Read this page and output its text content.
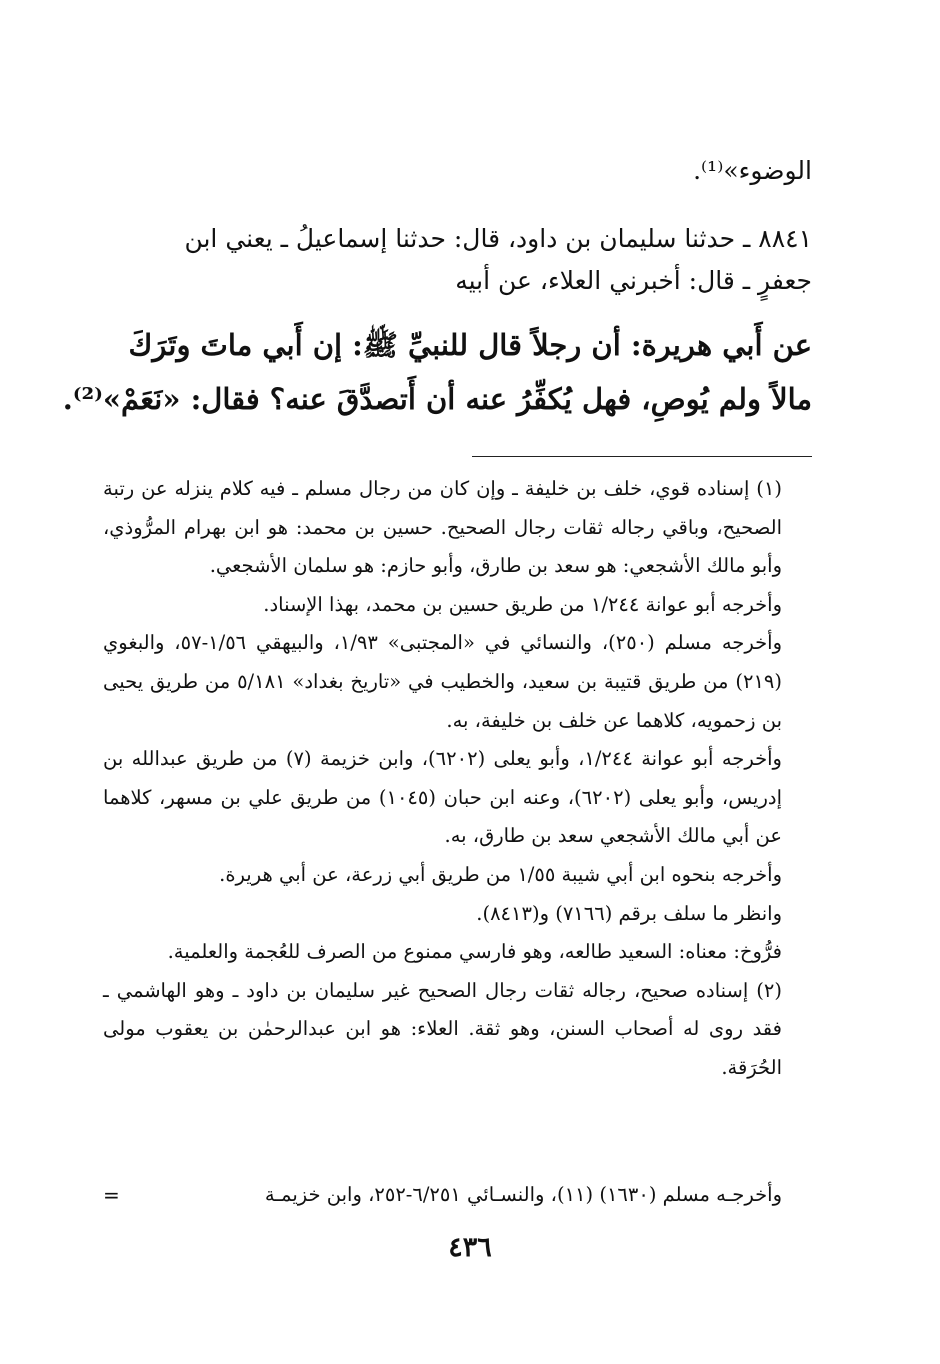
الوضوء»⁽¹⁾.
٨٨٤١ ـ حدثنا سليمان بن داود، قال: حدثنا إسماعيلُ ـ يعني ابن
جعفرٍ ـ قال: أخبرني العلاء، عن أبيه
عن أَبي هريرة: أن رجلاً قال للنبيِّ ﷺ: إن أَبي ماتَ وتَرَكَ
مالاً ولم يُوصِ، فهل يُكفِّرُ عنه أن أَتصدَّقَ عنه؟ فقال: «نَعَمْ»⁽²⁾.
(١) إسناده قوي، خلف بن خليفة ـ وإن كان من رجال مسلم ـ فيه كلام ينزله عن رتبة الصحيح، وباقي رجاله ثقات رجال الصحيح. حسين بن محمد: هو ابن بهرام المرُّوذي، وأبو مالك الأشجعي: هو سعد بن طارق، وأبو حازم: هو سلمان الأشجعي.
وأخرجه أبو عوانة ١/٢٤٤ من طريق حسين بن محمد، بهذا الإسناد.
وأخرجه مسلم (٢٥٠)، والنسائي في «المجتبى» ١/٩٣، والبيهقي ١/٥٦-٥٧، والبغوي (٢١٩) من طريق قتيبة بن سعيد، والخطيب في «تاريخ بغداد» ٥/١٨١ من طريق يحيى بن زحمويه، كلاهما عن خلف بن خليفة، به.
وأخرجه أبو عوانة ١/٢٤٤، وأبو يعلى (٦٢٠٢)، وابن خزيمة (٧) من طريق عبدالله بن إدريس، وأبو يعلى (٦٢٠٢)، وعنه ابن حبان (١٠٤٥) من طريق علي بن مسهر، كلاهما عن أبي مالك الأشجعي سعد بن طارق، به.
وأخرجه بنحوه ابن أبي شيبة ١/٥٥ من طريق أبي زرعة، عن أبي هريرة.
وانظر ما سلف برقم (٧١٦٦) و(٨٤١٣).
فرُّوخ: معناه: السعيد طالعه، وهو فارسي ممنوع من الصرف للعُجمة والعلمية.
(٢) إسناده صحيح، رجاله ثقات رجال الصحيح غير سليمان بن داود ـ وهو الهاشمي ـ فقد روى له أصحاب السنن، وهو ثقة. العلاء: هو ابن عبدالرحمٰن بن يعقوب مولى الحُرَقة.
وأخرجـه مسلم (١٦٣٠) (١١)، والنسـائي ٦/٢٥١-٢٥٢، وابن خزيمـة
=
٤٣٦
